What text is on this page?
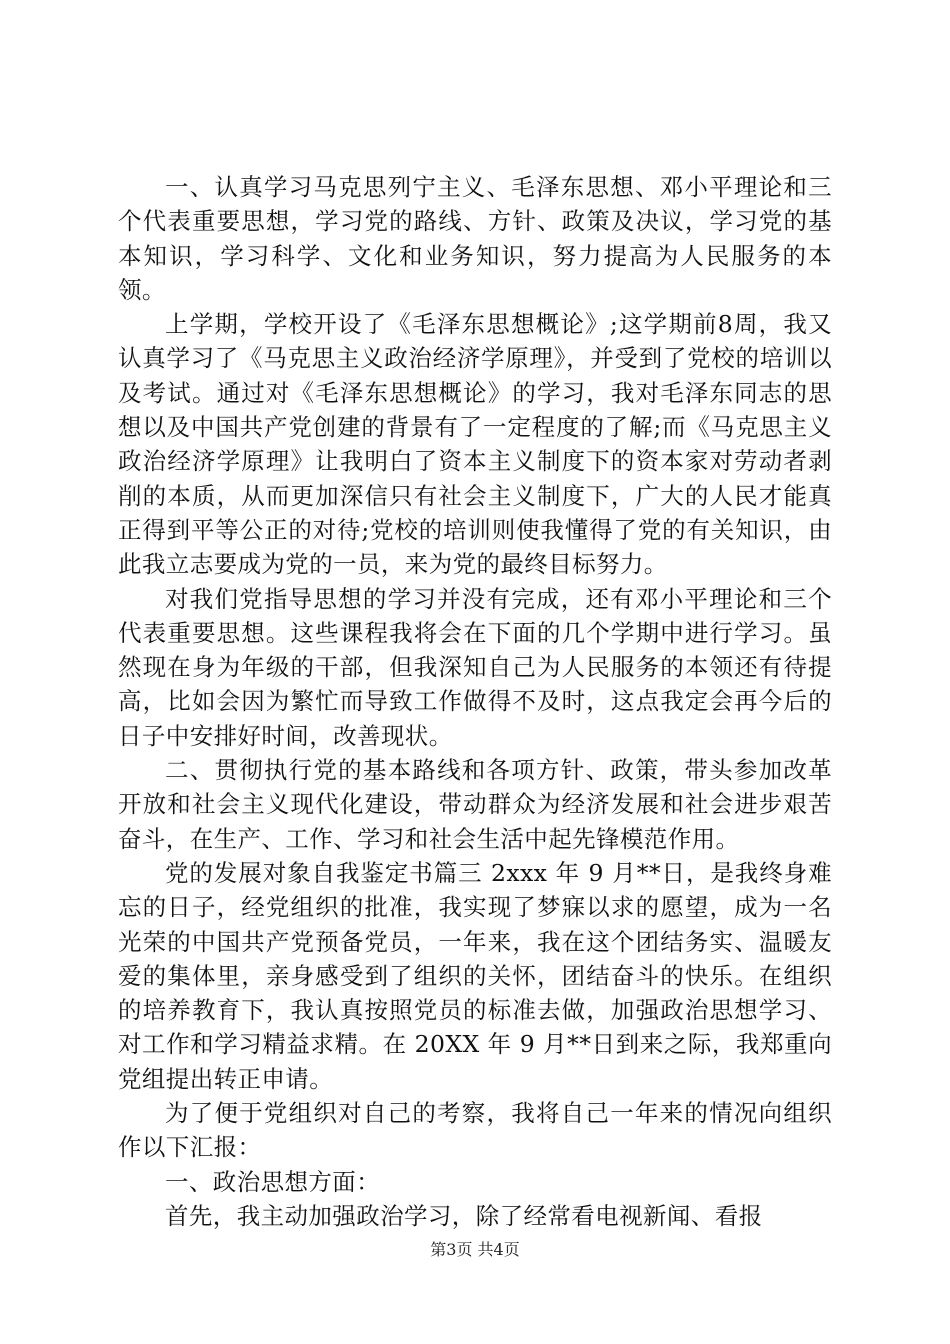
一、认真学习马克思列宁主义、毛泽东思想、邓小平理论和三个代表重要思想，学习党的路线、方针、政策及决议，学习党的基本知识，学习科学、文化和业务知识，努力提高为人民服务的本领。

上学期，学校开设了《毛泽东思想概论》;这学期前8周，我又认真学习了《马克思主义政治经济学原理》，并受到了党校的培训以及考试。通过对《毛泽东思想概论》的学习，我对毛泽东同志的思想以及中国共产党创建的背景有了一定程度的了解;而《马克思主义政治经济学原理》让我明白了资本主义制度下的资本家对劳动者剥削的本质，从而更加深信只有社会主义制度下，广大的人民才能真正得到平等公正的对待;党校的培训则使我懂得了党的有关知识，由此我立志要成为党的一员，来为党的最终目标努力。

对我们党指导思想的学习并没有完成，还有邓小平理论和三个代表重要思想。这些课程我将会在下面的几个学期中进行学习。虽然现在身为年级的干部，但我深知自己为人民服务的本领还有待提高，比如会因为繁忙而导致工作做得不及时，这点我定会再今后的日子中安排好时间，改善现状。

二、贯彻执行党的基本路线和各项方针、政策，带头参加改革开放和社会主义现代化建设，带动群众为经济发展和社会进步艰苦奋斗，在生产、工作、学习和社会生活中起先锋模范作用。

党的发展对象自我鉴定书篇三 2xxx 年 9 月**日，是我终身难忘的日子，经党组织的批准，我实现了梦寐以求的愿望，成为一名光荣的中国共产党预备党员，一年来，我在这个团结务实、温暖友爱的集体里，亲身感受到了组织的关怀，团结奋斗的快乐。在组织的培养教育下，我认真按照党员的标准去做，加强政治思想学习、对工作和学习精益求精。在 20XX 年 9 月**日到来之际，我郑重向党组提出转正申请。

为了便于党组织对自己的考察，我将自己一年来的情况向组织作以下汇报：

一、政治思想方面：

首先，我主动加强政治学习，除了经常看电视新闻、看报

第3页 共4页
